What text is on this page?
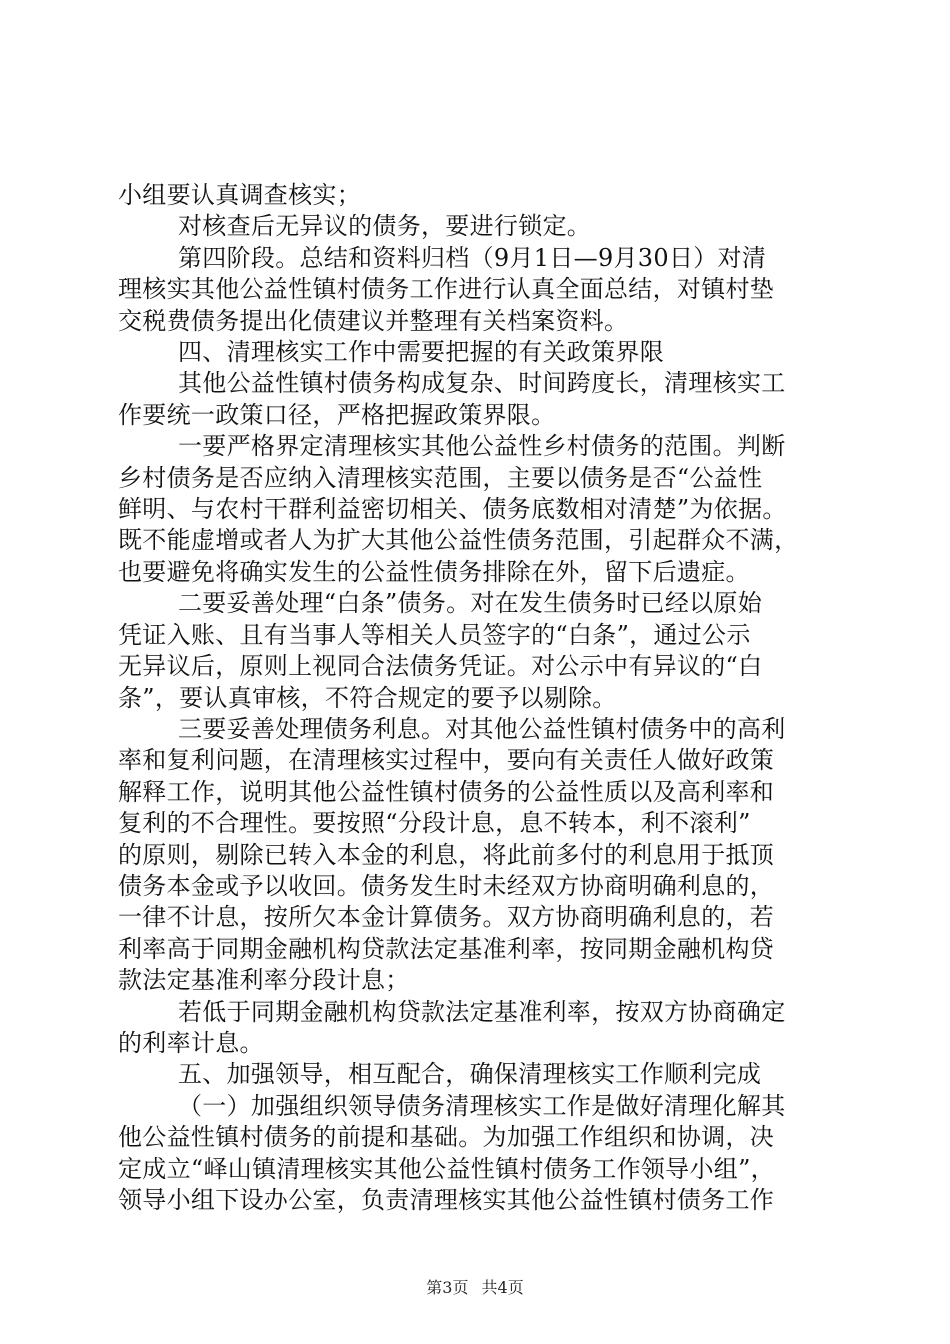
小组要认真调查核实；

对核查后无异议的债务，要进行锁定。

第四阶段。总结和资料归档（9月1日—9月30日）对清

理核实其他公益性镇村债务工作进行认真全面总结，对镇村垫

交税费债务提出化债建议并整理有关档案资料。

四、清理核实工作中需要把握的有关政策界限

其他公益性镇村债务构成复杂、时间跨度长，清理核实工

作要统一政策口径，严格把握政策界限。

一要严格界定清理核实其他公益性乡村债务的范围。判断

乡村债务是否应纳入清理核实范围，主要以债务是否“公益性

鲜明、与农村干群利益密切相关、债务底数相对清楚”为依据。

既不能虚增或者人为扩大其他公益性债务范围，引起群众不满，

也要避免将确实发生的公益性债务排除在外，留下后遗症。

二要妥善处理“白条”债务。对在发生债务时已经以原始

凭证入账、且有当事人等相关人员签字的“白条”，通过公示

无异议后，原则上视同合法债务凭证。对公示中有异议的“白

条”，要认真审核，不符合规定的要予以剔除。

三要妥善处理债务利息。对其他公益性镇村债务中的高利

率和复利问题，在清理核实过程中，要向有关责任人做好政策

解释工作，说明其他公益性镇村债务的公益性质以及高利率和

复利的不合理性。要按照“分段计息，息不转本，利不滚利”

的原则，剔除已转入本金的利息，将此前多付的利息用于抵顶

债务本金或予以收回。债务发生时未经双方协商明确利息的，

一律不计息，按所欠本金计算债务。双方协商明确利息的，若

利率高于同期金融机构贷款法定基准利率，按同期金融机构贷

款法定基准利率分段计息；

若低于同期金融机构贷款法定基准利率，按双方协商确定

的利率计息。

五、加强领导，相互配合，确保清理核实工作顺利完成

（一）加强组织领导债务清理核实工作是做好清理化解其

他公益性镇村债务的前提和基础。为加强工作组织和协调，决

定成立“峄山镇清理核实其他公益性镇村债务工作领导小组”，

领导小组下设办公室，负责清理核实其他公益性镇村债务工作

第3页 共4页
